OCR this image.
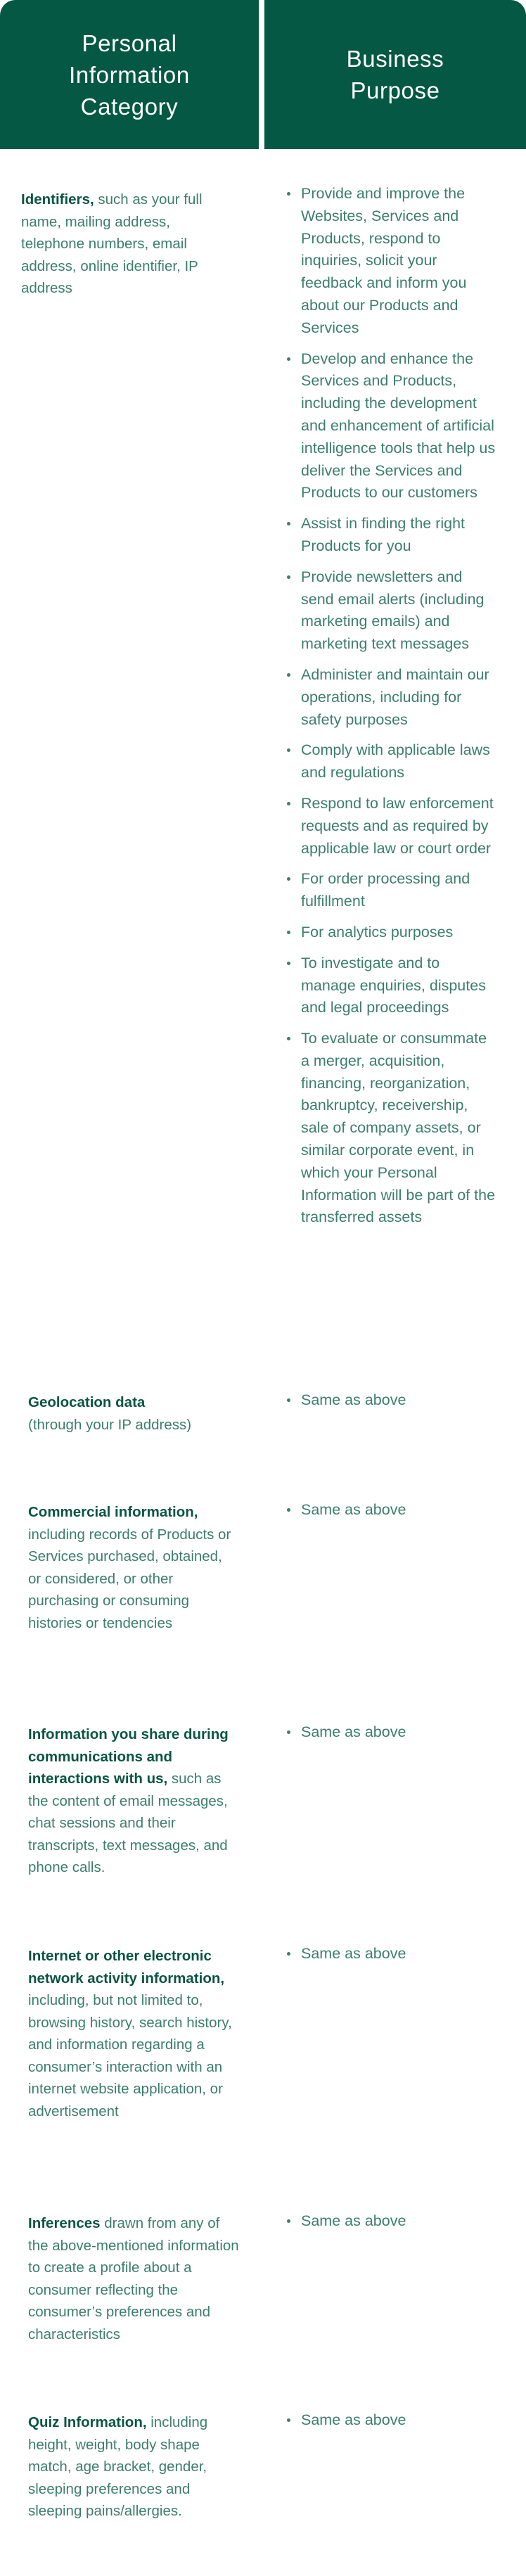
Personal Information Category
Business Purpose
Identifiers, such as your full name, mailing address, telephone numbers, email address, online identifier, IP address
Provide and improve the Websites, Services and Products, respond to inquiries, solicit your feedback and inform you about our Products and Services
Develop and enhance the Services and Products, including the development and enhancement of artificial intelligence tools that help us deliver the Services and Products to our customers
Assist in finding the right Products for you
Provide newsletters and send email alerts (including marketing emails) and marketing text messages
Administer and maintain our operations, including for safety purposes
Comply with applicable laws and regulations
Respond to law enforcement requests and as required by applicable law or court order
For order processing and fulfillment
For analytics purposes
To investigate and to manage enquiries, disputes and legal proceedings
To evaluate or consummate a merger, acquisition, financing, reorganization, bankruptcy, receivership, sale of company assets, or similar corporate event, in which your Personal Information will be part of the transferred assets
Geolocation data
(through your IP address)
Same as above
Commercial information, including records of Products or Services purchased, obtained, or considered, or other purchasing or consuming histories or tendencies
Same as above
Information you share during communications and interactions with us, such as the content of email messages, chat sessions and their transcripts, text messages, and phone calls.
Same as above
Internet or other electronic network activity information, including, but not limited to, browsing history, search history, and information regarding a consumer’s interaction with an internet website application, or advertisement
Same as above
Inferences drawn from any of the above-mentioned information to create a profile about a consumer reflecting the consumer’s preferences and characteristics
Same as above
Quiz Information, including height, weight, body shape match, age bracket, gender, sleeping preferences and sleeping pains/allergies.
Same as above
